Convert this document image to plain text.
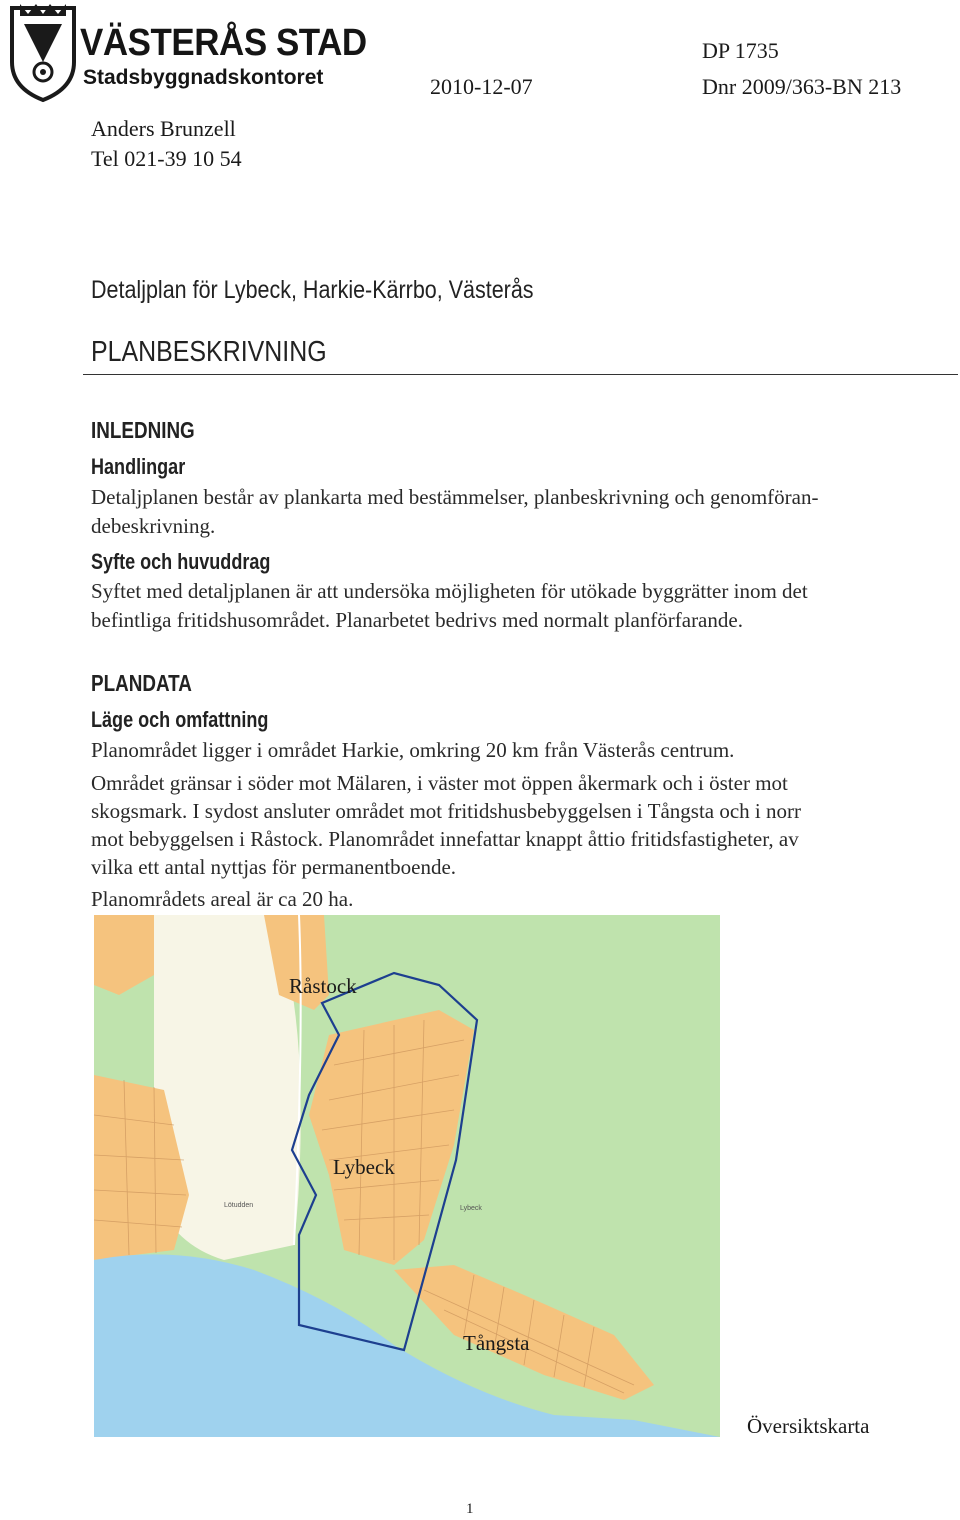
VÄSTERÅS STAD
Stadsbyggnadskontoret
DP 1735
2010-12-07	Dnr 2009/363-BN 213
Anders Brunzell
Tel 021-39 10 54
Detaljplan för Lybeck, Harkie-Kärrbo, Västerås
PLANBESKRIVNING
INLEDNING
Handlingar
Detaljplanen består av plankarta med bestämmelser, planbeskrivning och genomföran-
debeskrivning.
Syfte och huvuddrag
Syftet med detaljplanen är att undersöka möjligheten för utökade byggrätter inom det
befintliga fritidshusområdet. Planarbetet bedrivs med normalt planförfarande.
PLANDATA
Läge och omfattning
Planområdet ligger i området Harkie, omkring 20 km från Västerås centrum.
Området gränsar i söder mot Mälaren, i väster mot öppen åkermark och i öster mot
skogsmark. I sydost ansluter området mot fritidshusbebyggelsen i Tångsta och i norr
mot bebyggelsen i Råstock. Planområdet innefattar knappt åttio fritidsfastigheter, av
vilka ett antal nyttjas för permanentboende.
Planområdets areal är ca 20 ha.
Lötudden	Lybeck
Råstock
Lybeck
Tångsta
Översiktskarta
1
